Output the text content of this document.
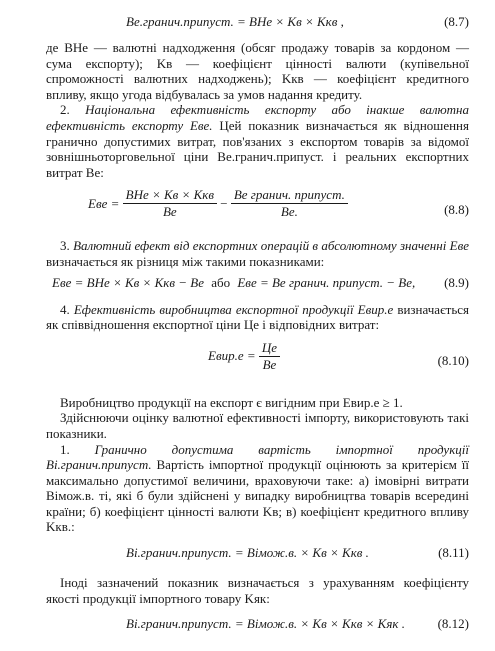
Bе.гранич.припуст. = BHе × Kв × Kкв ,	(8.7)

де BHе — валютні надходження (обсяг продажу товарів за кордоном — сума експорту); Kв — коефіцієнт цінності валюти (купівельної спроможності валютних надходжень); Kкв — коефіцієнт кредитного впливу, якщо угода відбувалась за умов надання кредиту.

2. Національна ефективність експорту або інакше валютна ефективність експорту Eве. Цей показник визначається як відношення гранично допустимих витрат, пов'язаних з експортом товарів за відомої зовнішньоторговельної ціни Bе.гранич.припуст. і реальних експортних витрат Bе:

Eве = $\frac{\text{BHе × Kв × Kкв}}{Bе} - \frac{\text{Bе гранич. припуст.}}{Bе.}$	(8.8)

3. Валютний ефект від експортних операцій в абсолютному значенні Eве визначається як різниця між такими показниками:

Eве = BHе × Kв × Kкв − Bе або Eве = Bе гранич. припуст. − Bе, (8.9)

4. Ефективність виробництва експортної продукції Eвир.е визначається як співвідношення експортної ціни Це і відповідних витрат:

Eвир.е = $\frac{Це}{Bе}$	(8.10)

Виробництво продукції на експорт є вигідним при Eвир.е ≥ 1.

Здійснюючи оцінку валютної ефективності імпорту, використовують такі показники.

1. Гранично допустима вартість імпортної продукції Bі.гранич.припуст. Вартість імпортної продукції оцінюють за критерієм її максимально допустимої величини, враховуючи таке: а) імовірні витрати Bімож.в. ті, які б були здійснені у випадку виробництва товарів всередині країни; б) коефіцієнт цінності валюти Kв; в) коефіцієнт кредитного впливу Kкв.:

Bі.гранич.припуст. = Bімож.в. × Kв × Kкв .	(8.11)

Іноді зазначений показник визначається з урахуванням коефіцієнту якості продукції імпортного товару Kяк:

Bі.гранич.припуст. = Bімож.в. × Kв × Kкв × Kяк .	(8.12)
